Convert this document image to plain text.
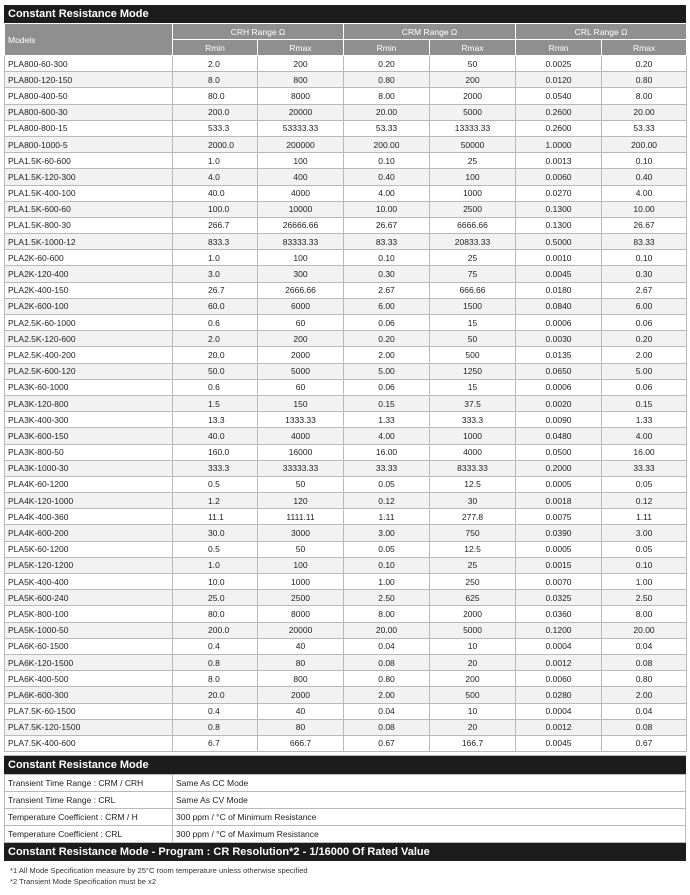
Constant Resistance Mode
Models	CRH Range Ω		CRM Range Ω		CRL Range Ω	
	Rmin	Rmax	Rmin	Rmax	Rmin	Rmax
PLA800-60-300	2.0	200	0.20	50	0.0025	0.20
PLA800-120-150	8.0	800	0.80	200	0.0120	0.80
PLA800-400-50	80.0	8000	8.00	2000	0.0540	8.00
PLA800-600-30	200.0	20000	20.00	5000	0.2600	20.00
PLA800-800-15	533.3	53333.33	53.33	13333.33	0.2600	53.33
PLA800-1000-5	2000.0	200000	200.00	50000	1.0000	200.00
PLA1.5K-60-600	1.0	100	0.10	25	0.0013	0.10
PLA1.5K-120-300	4.0	400	0.40	100	0.0060	0.40
PLA1.5K-400-100	40.0	4000	4.00	1000	0.0270	4.00
PLA1.5K-600-60	100.0	10000	10.00	2500	0.1300	10.00
PLA1.5K-800-30	266.7	26666.66	26.67	6666.66	0.1300	26.67
PLA1.5K-1000-12	833.3	83333.33	83.33	20833.33	0.5000	83.33
PLA2K-60-600	1.0	100	0.10	25	0.0010	0.10
PLA2K-120-400	3.0	300	0.30	75	0.0045	0.30
PLA2K-400-150	26.7	2666.66	2.67	666.66	0.0180	2.67
PLA2K-600-100	60.0	6000	6.00	1500	0.0840	6.00
PLA2.5K-60-1000	0.6	60	0.06	15	0.0006	0.06
PLA2.5K-120-600	2.0	200	0.20	50	0.0030	0.20
PLA2.5K-400-200	20.0	2000	2.00	500	0.0135	2.00
PLA2.5K-600-120	50.0	5000	5.00	1250	0.0650	5.00
PLA3K-60-1000	0.6	60	0.06	15	0.0006	0.06
PLA3K-120-800	1.5	150	0.15	37.5	0.0020	0.15
PLA3K-400-300	13.3	1333.33	1.33	333.3	0.0090	1.33
PLA3K-600-150	40.0	4000	4.00	1000	0.0480	4.00
PLA3K-800-50	160.0	16000	16.00	4000	0.0500	16.00
PLA3K-1000-30	333.3	33333.33	33.33	8333.33	0.2000	33.33
PLA4K-60-1200	0.5	50	0.05	12.5	0.0005	0.05
PLA4K-120-1000	1.2	120	0.12	30	0.0018	0.12
PLA4K-400-360	11.1	1111.11	1.11	277.8	0.0075	1.11
PLA4K-600-200	30.0	3000	3.00	750	0.0390	3.00
PLA5K-60-1200	0.5	50	0.05	12.5	0.0005	0.05
PLA5K-120-1200	1.0	100	0.10	25	0.0015	0.10
PLA5K-400-400	10.0	1000	1.00	250	0.0070	1.00
PLA5K-600-240	25.0	2500	2.50	625	0.0325	2.50
PLA5K-800-100	80.0	8000	8.00	2000	0.0360	8.00
PLA5K-1000-50	200.0	20000	20.00	5000	0.1200	20.00
PLA6K-60-1500	0.4	40	0.04	10	0.0004	0.04
PLA6K-120-1500	0.8	80	0.08	20	0.0012	0.08
PLA6K-400-500	8.0	800	0.80	200	0.0060	0.80
PLA6K-600-300	20.0	2000	2.00	500	0.0280	2.00
PLA7.5K-60-1500	0.4	40	0.04	10	0.0004	0.04
PLA7.5K-120-1500	0.8	80	0.08	20	0.0012	0.08
PLA7.5K-400-600	6.7	666.7	0.67	166.7	0.0045	0.67
Constant Resistance Mode
Transient Time Range : CRM / CRH	Same As CC Mode
Transient Time Range : CRL	Same As CV Mode
Temperature Coefficient : CRM / H	300 ppm / °C of Minimum Resistance
Temperature Coefficient : CRL	300 ppm / °C of Maximum Resistance
Constant Resistance Mode - Program : CR Resolution*2 - 1/16000 Of Rated Value
*1 All Mode Specification measure by 25°C room temperature unless otherwise specified
*2 Transient Mode Specification must be x2
